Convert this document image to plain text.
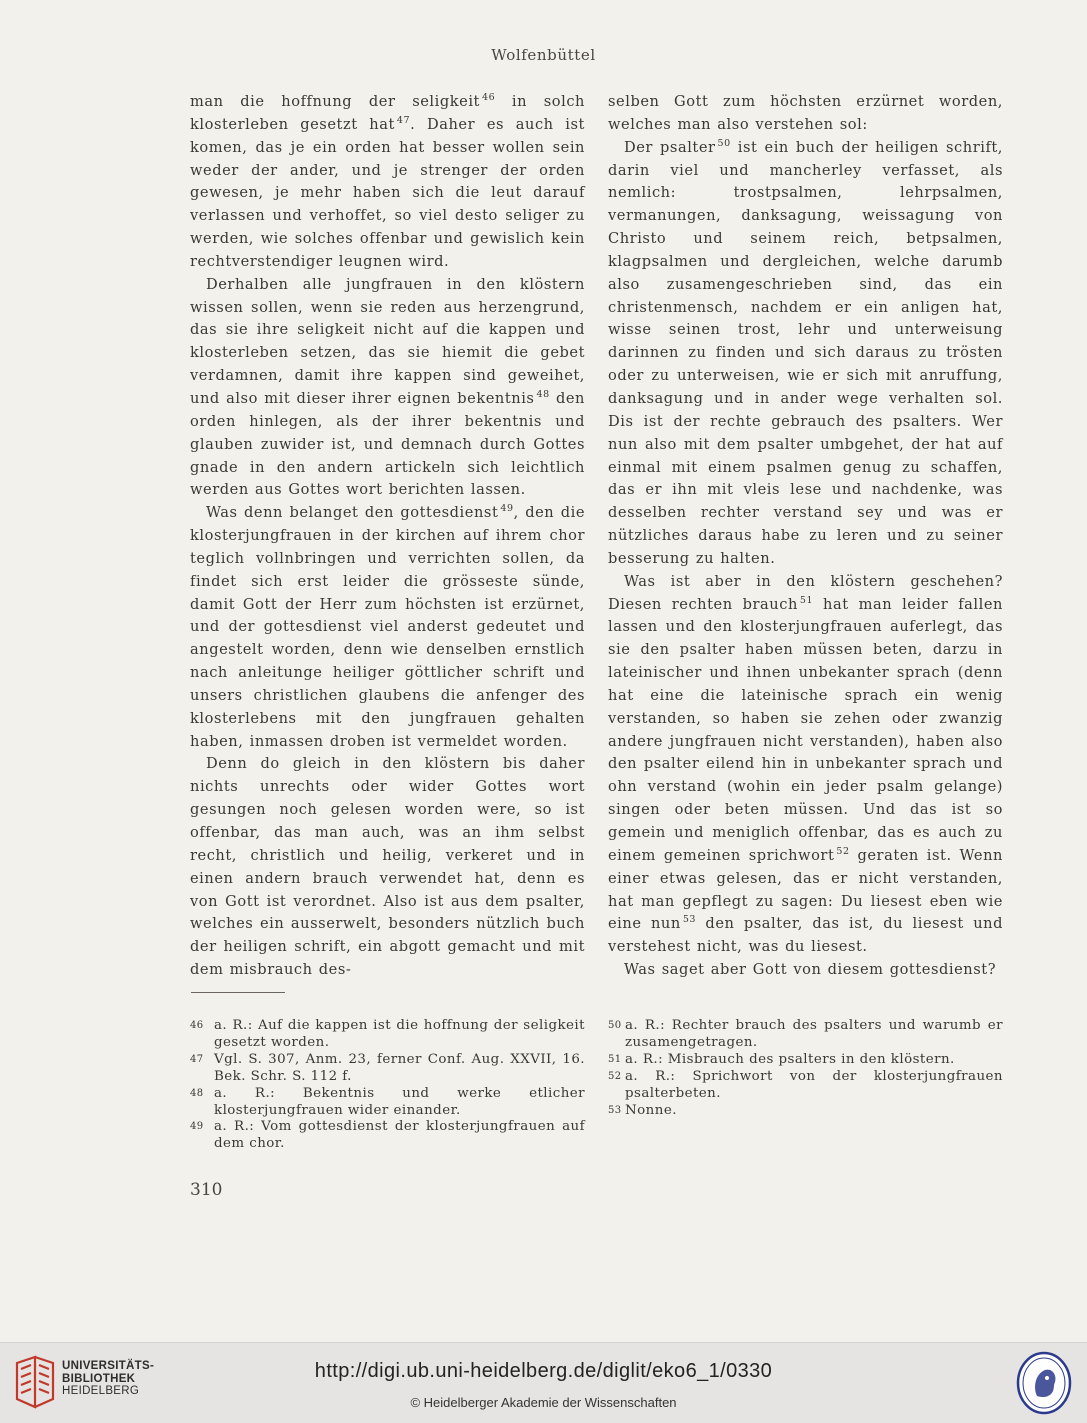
Wolfenbüttel

man die hoffnung der seligkeit $^{46}$ in solch klosterleben gesetzt hat $^{47}$. Daher es auch ist komen, das je ein orden hat besser wollen sein weder der ander, und je strenger der orden gewesen, je mehr haben sich die leut darauf verlassen und verhoffet, so viel desto seliger zu werden, wie solches offenbar und gewislich kein rechtverstendiger leugnen wird.

Derhalben alle jungfrauen in den klöstern wissen sollen, wenn sie reden aus herzengrund, das sie ihre seligkeit nicht auf die kappen und klosterleben setzen, das sie hiemit die gebet verdamnen, damit ihre kappen sind geweihet, und also mit dieser ihrer eignen bekentnis $^{48}$ den orden hinlegen, als der ihrer bekentnis und glauben zuwider ist, und demnach durch Gottes gnade in den andern artickeln sich leichtlich werden aus Gottes wort berichten lassen.

Was denn belanget den gottesdienst $^{49}$, den die klosterjungfrauen in der kirchen auf ihrem chor teglich vollnbringen und verrichten sollen, da findet sich erst leider die grösseste sünde, damit Gott der Herr zum höchsten ist erzürnet, und der gottesdienst viel anderst gedeutet und angestelt worden, denn wie denselben ernstlich nach anleitunge heiliger göttlicher schrift und unsers christlichen glaubens die anfenger des klosterlebens mit den jungfrauen gehalten haben, inmassen droben ist vermeldet worden.

Denn do gleich in den klöstern bis daher nichts unrechts oder wider Gottes wort gesungen noch gelesen worden were, so ist offenbar, das man auch, was an ihm selbst recht, christlich und heilig, verkeret und in einen andern brauch verwendet hat, denn es von Gott ist verordnet. Also ist aus dem psalter, welches ein ausserwelt, besonders nützlich buch der heiligen schrift, ein abgott gemacht und mit dem misbrauch des-

selben Gott zum höchsten erzürnet worden, welches man also verstehen sol:

Der psalter $^{50}$ ist ein buch der heiligen schrift, darin viel und mancherley verfasset, als nemlich: trostpsalmen, lehrpsalmen, vermanungen, danksagung, weissagung von Christo und seinem reich, betpsalmen, klagpsalmen und dergleichen, welche darumb also zusamengeschrieben sind, das ein christenmensch, nachdem er ein anligen hat, wisse seinen trost, lehr und unterweisung darinnen zu finden und sich daraus zu trösten oder zu unterweisen, wie er sich mit anruffung, danksagung und in ander wege verhalten sol. Dis ist der rechte gebrauch des psalters. Wer nun also mit dem psalter umbgehet, der hat auf einmal mit einem psalmen genug zu schaffen, das er ihn mit vleis lese und nachdenke, was desselben rechter verstand sey und was er nützliches daraus habe zu leren und zu seiner besserung zu halten.

Was ist aber in den klöstern geschehen? Diesen rechten brauch $^{51}$ hat man leider fallen lassen und den klosterjungfrauen auferlegt, das sie den psalter haben müssen beten, darzu in lateinischer und ihnen unbekanter sprach (denn hat eine die lateinische sprach ein wenig verstanden, so haben sie zehen oder zwanzig andere jungfrauen nicht verstanden), haben also den psalter eilend hin in unbekanter sprach und ohn verstand (wohin ein jeder psalm gelange) singen oder beten müssen. Und das ist so gemein und meniglich offenbar, das es auch zu einem gemeinen sprichwort $^{52}$ geraten ist. Wenn einer etwas gelesen, das er nicht verstanden, hat man gepflegt zu sagen: Du liesest eben wie eine nun $^{53}$ den psalter, das ist, du liesest und verstehest nicht, was du liesest.

Was saget aber Gott von diesem gottesdienst?

46 a. R.: Auf die kappen ist die hoffnung der seligkeit gesetzt worden.
47 Vgl. S. 307, Anm. 23, ferner Conf. Aug. XXVII, 16. Bek. Schr. S. 112 f.
48 a. R.: Bekentnis und werke etlicher klosterjungfrauen wider einander.
49 a. R.: Vom gottesdienst der klosterjungfrauen auf dem chor.
50 a. R.: Rechter brauch des psalters und warumb er zusamengetragen.
51 a. R.: Misbrauch des psalters in den klöstern.
52 a. R.: Sprichwort von der klosterjungfrauen psalterbeten.
53 Nonne.
310
UNIVERSITÄTS-
BIBLIOTHEK
HEIDELBERG
http://digi.ub.uni-heidelberg.de/diglit/eko6_1/0330
© Heidelberger Akademie der Wissenschaften
